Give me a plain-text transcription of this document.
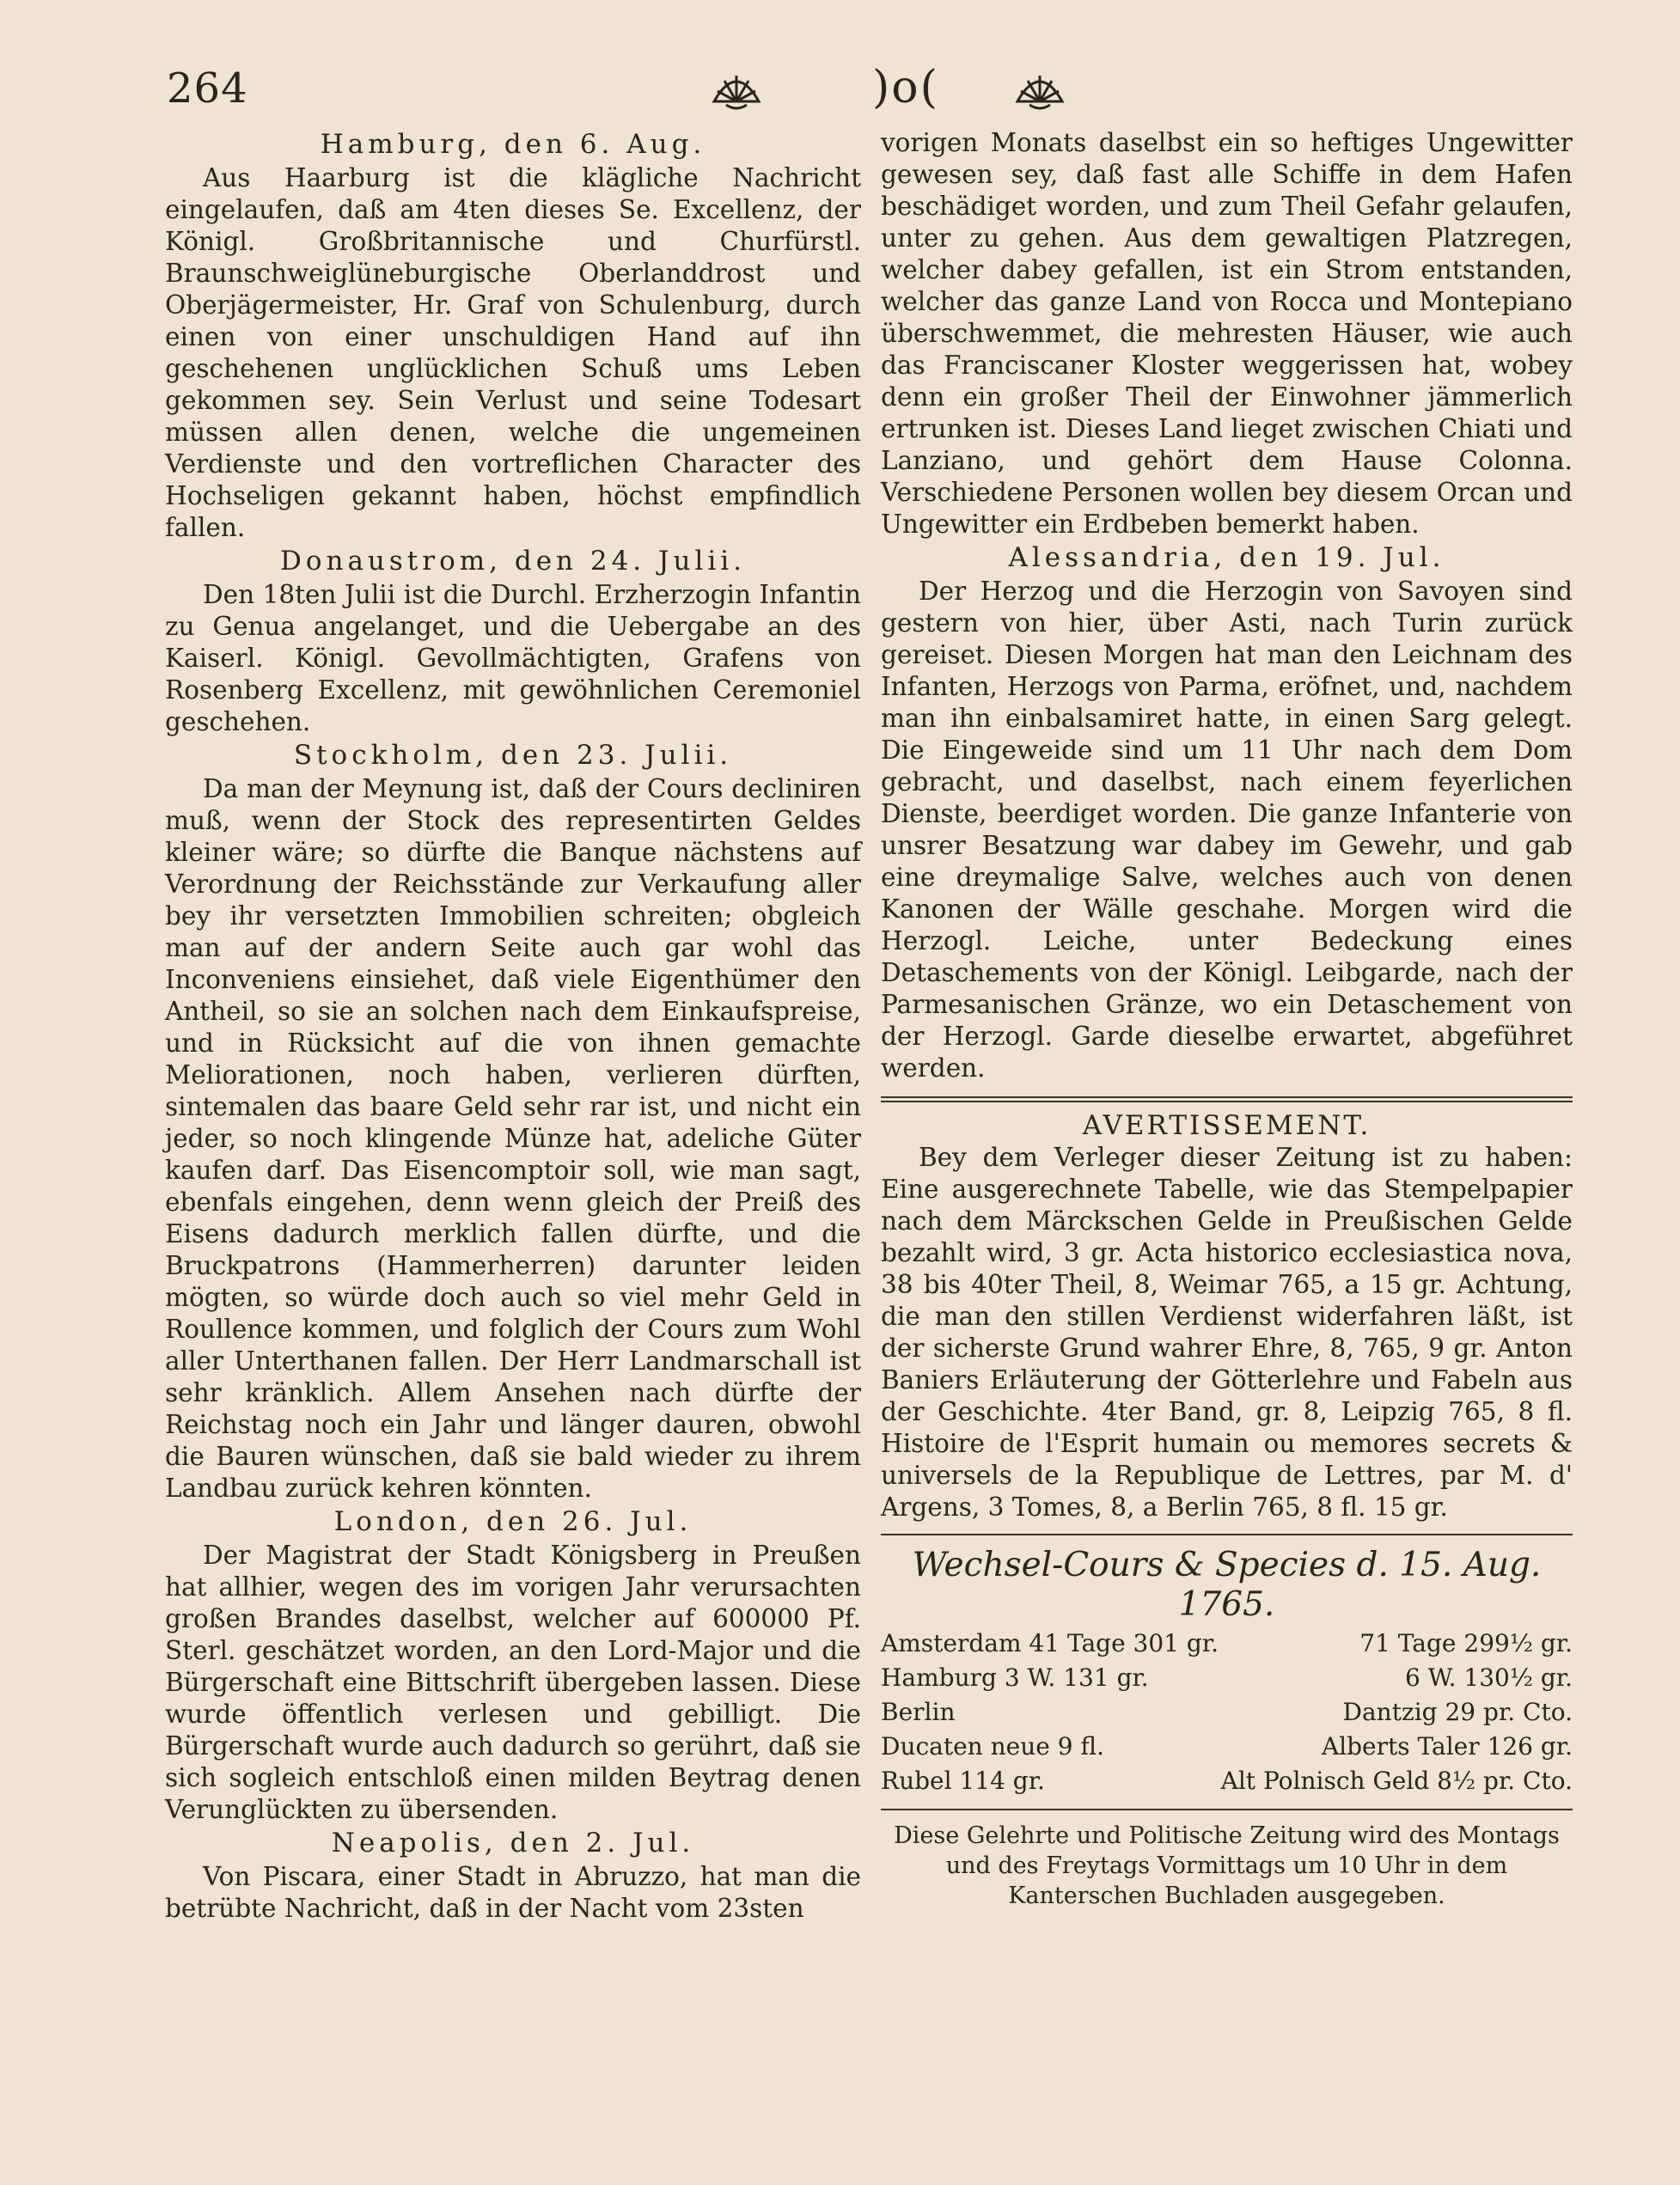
264	)o(
Hamburg, den 6. Aug.

Aus Haarburg ist die klägliche Nachricht eingelaufen, daß am 4ten dieses Se. Excellenz, der Königl. Großbritannische und Churfürstl. Braunschweiglüneburgische Oberlanddrost und Oberjägermeister, Hr. Graf von Schulenburg, durch einen von einer unschuldigen Hand auf ihn geschehenen unglücklichen Schuß ums Leben gekommen sey. Sein Verlust und seine Todesart müssen allen denen, welche die ungemeinen Verdienste und den vortreflichen Character des Hochseligen gekannt haben, höchst empfindlich fallen.

Donaustrom, den 24. Julii.

Den 18ten Julii ist die Durchl. Erzherzogin Infantin zu Genua angelanget, und die Uebergabe an des Kaiserl. Königl. Gevollmächtigten, Grafens von Rosenberg Excellenz, mit gewöhnlichen Ceremoniel geschehen.

Stockholm, den 23. Julii.

Da man der Meynung ist, daß der Cours decliniren muß, wenn der Stock des representirten Geldes kleiner wäre; so dürfte die Banque nächstens auf Verordnung der Reichsstände zur Verkaufung aller bey ihr versetzten Immobilien schreiten; obgleich man auf der andern Seite auch gar wohl das Inconveniens einsiehet, daß viele Eigenthümer den Antheil, so sie an solchen nach dem Einkaufspreise, und in Rücksicht auf die von ihnen gemachte Meliorationen, noch haben, verlieren dürften, sintemalen das baare Geld sehr rar ist, und nicht ein jeder, so noch klingende Münze hat, adeliche Güter kaufen darf. Das Eisencomptoir soll, wie man sagt, ebenfals eingehen, denn wenn gleich der Preiß des Eisens dadurch merklich fallen dürfte, und die Bruckpatrons (Hammerherren) darunter leiden mögten, so würde doch auch so viel mehr Geld in Roullence kommen, und folglich der Cours zum Wohl aller Unterthanen fallen. Der Herr Landmarschall ist sehr kränklich. Allem Ansehen nach dürfte der Reichstag noch ein Jahr und länger dauren, obwohl die Bauren wünschen, daß sie bald wieder zu ihrem Landbau zurück kehren könnten.

London, den 26. Jul.

Der Magistrat der Stadt Königsberg in Preußen hat allhier, wegen des im vorigen Jahr verursachten großen Brandes daselbst, welcher auf 600000 Pf. Sterl. geschätzet worden, an den Lord-Major und die Bürgerschaft eine Bittschrift übergeben lassen. Diese wurde öffentlich verlesen und gebilligt. Die Bürgerschaft wurde auch dadurch so gerührt, daß sie sich sogleich entschloß einen milden Beytrag denen Verunglückten zu übersenden.

Neapolis, den 2. Jul.

Von Piscara, einer Stadt in Abruzzo, hat man die betrübte Nachricht, daß in der Nacht vom 23sten

vorigen Monats daselbst ein so heftiges Ungewitter gewesen sey, daß fast alle Schiffe in dem Hafen beschädiget worden, und zum Theil Gefahr gelaufen, unter zu gehen. Aus dem gewaltigen Platzregen, welcher dabey gefallen, ist ein Strom entstanden, welcher das ganze Land von Rocca und Montepiano überschwemmet, die mehresten Häuser, wie auch das Franciscaner Kloster weggerissen hat, wobey denn ein großer Theil der Einwohner jämmerlich ertrunken ist. Dieses Land lieget zwischen Chiati und Lanziano, und gehört dem Hause Colonna. Verschiedene Personen wollen bey diesem Orcan und Ungewitter ein Erdbeben bemerkt haben.

Alessandria, den 19. Jul.

Der Herzog und die Herzogin von Savoyen sind gestern von hier, über Asti, nach Turin zurück gereiset. Diesen Morgen hat man den Leichnam des Infanten, Herzogs von Parma, eröfnet, und, nachdem man ihn einbalsamiret hatte, in einen Sarg gelegt. Die Eingeweide sind um 11 Uhr nach dem Dom gebracht, und daselbst, nach einem feyerlichen Dienste, beerdiget worden. Die ganze Infanterie von unsrer Besatzung war dabey im Gewehr, und gab eine dreymalige Salve, welches auch von denen Kanonen der Wälle geschahe. Morgen wird die Herzogl. Leiche, unter Bedeckung eines Detaschements von der Königl. Leibgarde, nach der Parmesanischen Gränze, wo ein Detaschement von der Herzogl. Garde dieselbe erwartet, abgeführet werden.

AVERTISSEMENT.

Bey dem Verleger dieser Zeitung ist zu haben: Eine ausgerechnete Tabelle, wie das Stempelpapier nach dem Märckschen Gelde in Preußischen Gelde bezahlt wird, 3 gr. Acta historico ecclesiastica nova, 38 bis 40ter Theil, 8, Weimar 765, a 15 gr. Achtung, die man den stillen Verdienst widerfahren läßt, ist der sicherste Grund wahrer Ehre, 8, 765, 9 gr. Anton Baniers Erläuterung der Götterlehre und Fabeln aus der Geschichte. 4ter Band, gr. 8, Leipzig 765, 8 fl. Histoire de l'Esprit humain ou memores secrets & universels de la Republique de Lettres, par M. d' Argens, 3 Tomes, 8, a Berlin 765, 8 fl. 15 gr.

Wechsel-Cours & Species d. 15. Aug. 1765.
Amsterdam 41 Tage 301 gr.	71 Tage 299½ gr.
Hamburg 3 W. 131 gr.	6 W. 130½ gr.
Berlin	Dantzig 29 pr. Cto.
Ducaten neue 9 fl.	Alberts Taler 126 gr.
Rubel 114 gr.	Alt Polnisch Geld 8½ pr. Cto.
Diese Gelehrte und Politische Zeitung wird des Montags
und des Freytags Vormittags um 10 Uhr in dem
Kanterschen Buchladen ausgegeben.
